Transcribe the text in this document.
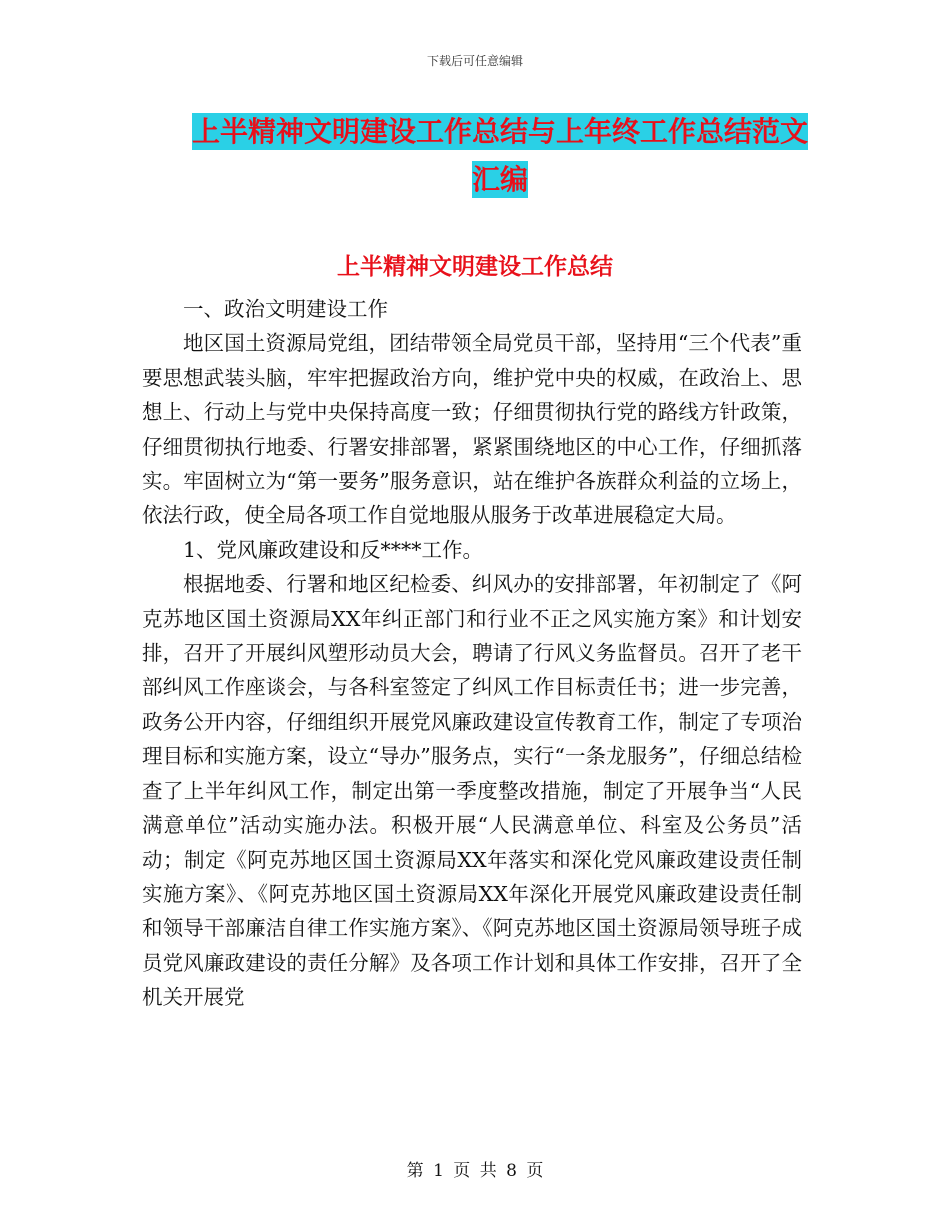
下载后可任意编辑
上半精神文明建设工作总结与上年终工作总结范文汇编
上半精神文明建设工作总结

一、政治文明建设工作

地区国土资源局党组，团结带领全局党员干部，坚持用“三个代表”重要思想武装头脑，牢牢把握政治方向，维护党中央的权威，在政治上、思想上、行动上与党中央保持高度一致；仔细贯彻执行党的路线方针政策，仔细贯彻执行地委、行署安排部署，紧紧围绕地区的中心工作，仔细抓落实。牢固树立为“第一要务”服务意识，站在维护各族群众利益的立场上，依法行政，使全局各项工作自觉地服从服务于改革进展稳定大局。

1、党风廉政建设和反****工作。

根据地委、行署和地区纪检委、纠风办的安排部署，年初制定了《阿克苏地区国土资源局XX年纠正部门和行业不正之风实施方案》和计划安排，召开了开展纠风塑形动员大会，聘请了行风义务监督员。召开了老干部纠风工作座谈会，与各科室签定了纠风工作目标责任书；进一步完善，政务公开内容，仔细组织开展党风廉政建设宣传教育工作，制定了专项治理目标和实施方案，设立“导办”服务点，实行“一条龙服务”，仔细总结检查了上半年纠风工作，制定出第一季度整改措施，制定了开展争当“人民满意单位”活动实施办法。积极开展“人民满意单位、科室及公务员”活动；制定《阿克苏地区国土资源局XX年落实和深化党风廉政建设责任制实施方案》、《阿克苏地区国土资源局XX年深化开展党风廉政建设责任制和领导干部廉洁自律工作实施方案》、《阿克苏地区国土资源局领导班子成员党风廉政建设的责任分解》及各项工作计划和具体工作安排，召开了全机关开展党

第 1 页 共 8 页
